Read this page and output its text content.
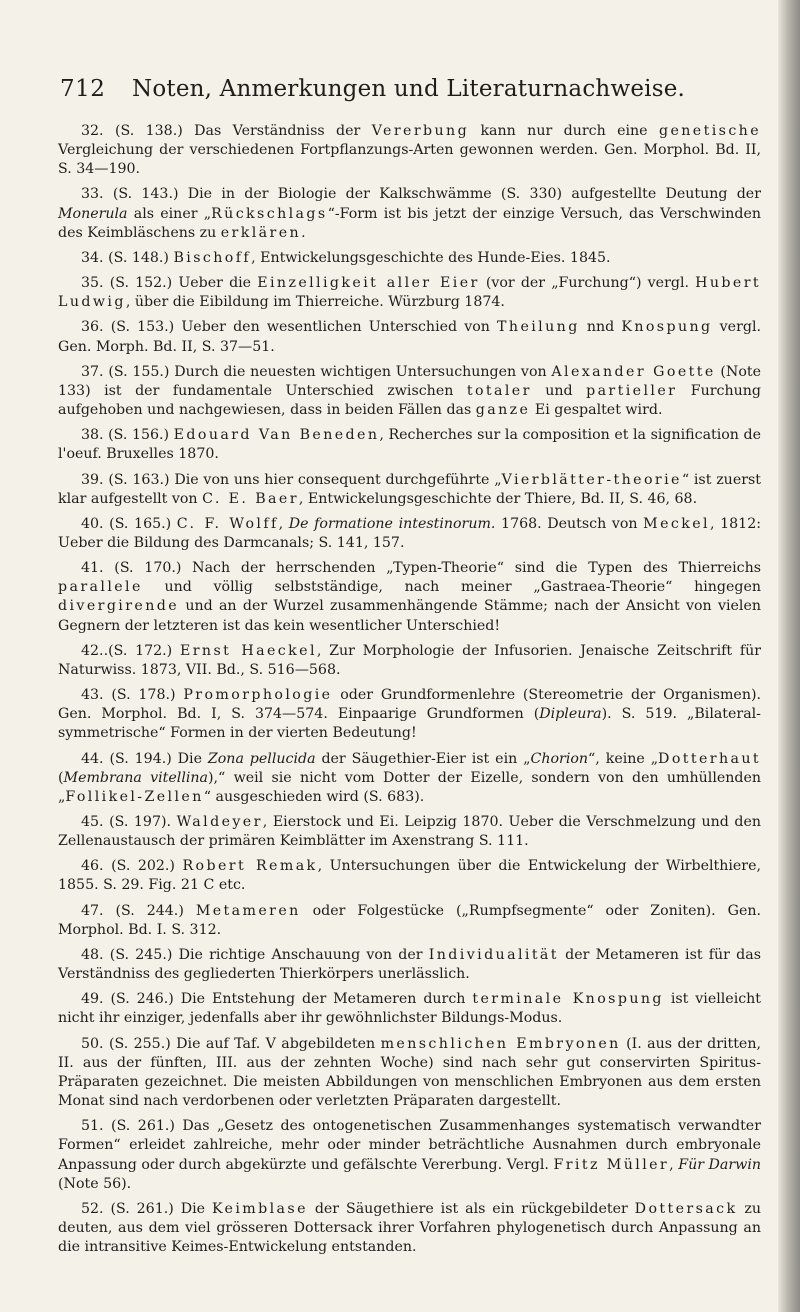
712	Noten, Anmerkungen und Literaturnachweise.

32. (S. 138.) Das Verständniss der Vererbung kann nur durch eine genetische Vergleichung der verschiedenen Fortpflanzungs-Arten gewonnen werden. Gen. Morphol. Bd. II, S. 34—190.

33. (S. 143.) Die in der Biologie der Kalkschwämme (S. 330) aufgestellte Deutung der Monerula als einer „Rückschlags“-Form ist bis jetzt der einzige Versuch, das Verschwinden des Keimbläschens zu erklären.

34. (S. 148.) Bischoff, Entwickelungsgeschichte des Hunde-Eies. 1845.

35. (S. 152.) Ueber die Einzelligkeit aller Eier (vor der „Furchung“) vergl. Hubert Ludwig, über die Eibildung im Thierreiche. Würzburg 1874.

36. (S. 153.) Ueber den wesentlichen Unterschied von Theilung nnd Knospung vergl. Gen. Morph. Bd. II, S. 37—51.

37. (S. 155.) Durch die neuesten wichtigen Untersuchungen von Alexander Goette (Note 133) ist der fundamentale Unterschied zwischen totaler und partieller Furchung aufgehoben und nachgewiesen, dass in beiden Fällen das ganze Ei gespaltet wird.

38. (S. 156.) Edouard Van Beneden, Recherches sur la composition et la signification de l'oeuf. Bruxelles 1870.

39. (S. 163.) Die von uns hier consequent durchgeführte „Vierblätter-theorie“ ist zuerst klar aufgestellt von C. E. Baer, Entwickelungsgeschichte der Thiere, Bd. II, S. 46, 68.

40. (S. 165.) C. F. Wolff, De formatione intestinorum. 1768. Deutsch von Meckel, 1812: Ueber die Bildung des Darmcanals; S. 141, 157.

41. (S. 170.) Nach der herrschenden „Typen-Theorie“ sind die Typen des Thierreichs parallele und völlig selbstständige, nach meiner „Gastraea-Theorie“ hingegen divergirende und an der Wurzel zusammenhängende Stämme; nach der Ansicht von vielen Gegnern der letzteren ist das kein wesentlicher Unterschied!

42..(S. 172.) Ernst Haeckel, Zur Morphologie der Infusorien. Jenaische Zeitschrift für Naturwiss. 1873, VII. Bd., S. 516—568.

43. (S. 178.) Promorphologie oder Grundformenlehre (Stereometrie der Organismen). Gen. Morphol. Bd. I, S. 374—574. Einpaarige Grundformen (Dipleura). S. 519. „Bilateral-symmetrische“ Formen in der vierten Bedeutung!

44. (S. 194.) Die Zona pellucida der Säugethier-Eier ist ein „Chorion“, keine „Dotterhaut (Membrana vitellina),“ weil sie nicht vom Dotter der Eizelle, sondern von den umhüllenden „Follikel-Zellen“ ausgeschieden wird (S. 683).

45. (S. 197). Waldeyer, Eierstock und Ei. Leipzig 1870. Ueber die Verschmelzung und den Zellenaustausch der primären Keimblätter im Axenstrang S. 111.

46. (S. 202.) Robert Remak, Untersuchungen über die Entwickelung der Wirbelthiere, 1855. S. 29. Fig. 21 C etc.

47. (S. 244.) Metameren oder Folgestücke („Rumpfsegmente“ oder Zoniten). Gen. Morphol. Bd. I. S. 312.

48. (S. 245.) Die richtige Anschauung von der Individualität der Metameren ist für das Verständniss des gegliederten Thierkörpers unerlässlich.

49. (S. 246.) Die Entstehung der Metameren durch terminale Knospung ist vielleicht nicht ihr einziger, jedenfalls aber ihr gewöhnlichster Bildungs-Modus.

50. (S. 255.) Die auf Taf. V abgebildeten menschlichen Embryonen (I. aus der dritten, II. aus der fünften, III. aus der zehnten Woche) sind nach sehr gut conservirten Spiritus-Präparaten gezeichnet. Die meisten Abbildungen von menschlichen Embryonen aus dem ersten Monat sind nach verdorbenen oder verletzten Präparaten dargestellt.

51. (S. 261.) Das „Gesetz des ontogenetischen Zusammenhanges systematisch verwandter Formen“ erleidet zahlreiche, mehr oder minder beträchtliche Ausnahmen durch embryonale Anpassung oder durch abgekürzte und gefälschte Vererbung. Vergl. Fritz Müller, Für Darwin (Note 56).

52. (S. 261.) Die Keimblase der Säugethiere ist als ein rückgebildeter Dottersack zu deuten, aus dem viel grösseren Dottersack ihrer Vorfahren phylogenetisch durch Anpassung an die intransitive Keimes-Entwickelung entstanden.
